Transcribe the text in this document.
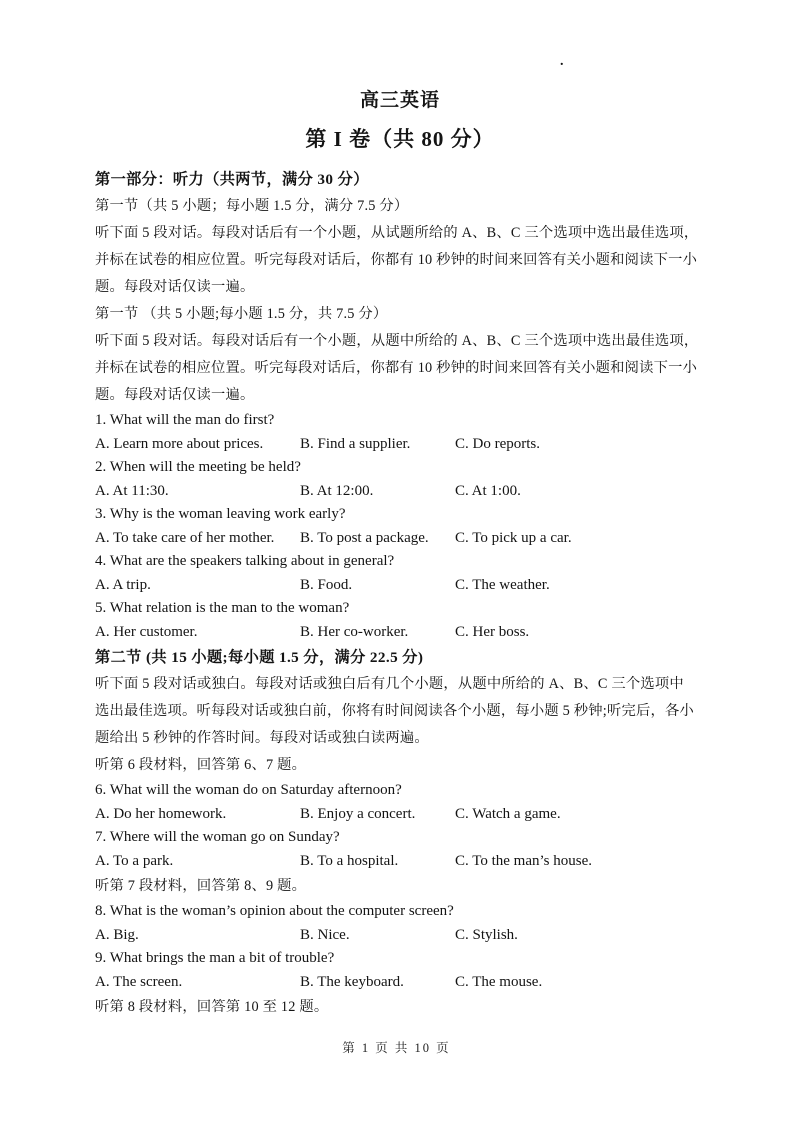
.
高三英语
第 I 卷（共 80 分）

第一部分：听力（共两节，满分 30 分）

第一节（共 5 小题；每小题 1.5 分，满分 7.5 分）

听下面 5 段对话。每段对话后有一个小题，从试题所给的 A、B、C 三个选项中选出最佳选项，

并标在试卷的相应位置。听完每段对话后，你都有 10 秒钟的时间来回答有关小题和阅读下一小

题。每段对话仅读一遍。

第一节 （共 5 小题;每小题 1.5 分，共 7.5 分）

听下面 5 段对话。每段对话后有一个小题，从题中所给的 A、B、C 三个选项中选出最佳选项，

并标在试卷的相应位置。听完每段对话后，你都有 10 秒钟的时间来回答有关小题和阅读下一小

题。每段对话仅读一遍。

1. What will the man do first?

A. Learn more about prices.	B. Find a supplier.	C. Do reports.

2. When will the meeting be held?

A. At 11:30.	B. At 12:00.	C. At 1:00.

3. Why is the woman leaving work early?

A. To take care of her mother.	B. To post a package.	C. To pick up a car.

4. What are the speakers talking about in general?

A. A trip.	B. Food.	C. The weather.

5. What relation is the man to the woman?

A. Her customer.	B. Her co-worker.	C. Her boss.

第二节 (共 15 小题;每小题 1.5 分，满分 22.5 分)

听下面 5 段对话或独白。每段对话或独白后有几个小题，从题中所给的 A、B、C 三个选项中

选出最佳选项。听每段对话或独白前，你将有时间阅读各个小题，每小题 5 秒钟;听完后，各小

题给出 5 秒钟的作答时间。每段对话或独白读两遍。

听第 6 段材料，回答第 6、7 题。

6. What will the woman do on Saturday afternoon?

A. Do her homework.	B. Enjoy a concert.	C. Watch a game.

7. Where will the woman go on Sunday?

A. To a park.	B. To a hospital.	C. To the man’s house.

听第 7 段材料，回答第 8、9 题。

8. What is the woman’s opinion about the computer screen?

A. Big.	B. Nice.	C. Stylish.

9. What brings the man a bit of trouble?

A. The screen.	B. The keyboard.	C. The mouse.

听第 8 段材料，回答第 10 至 12 题。

第 1 页 共 10 页
